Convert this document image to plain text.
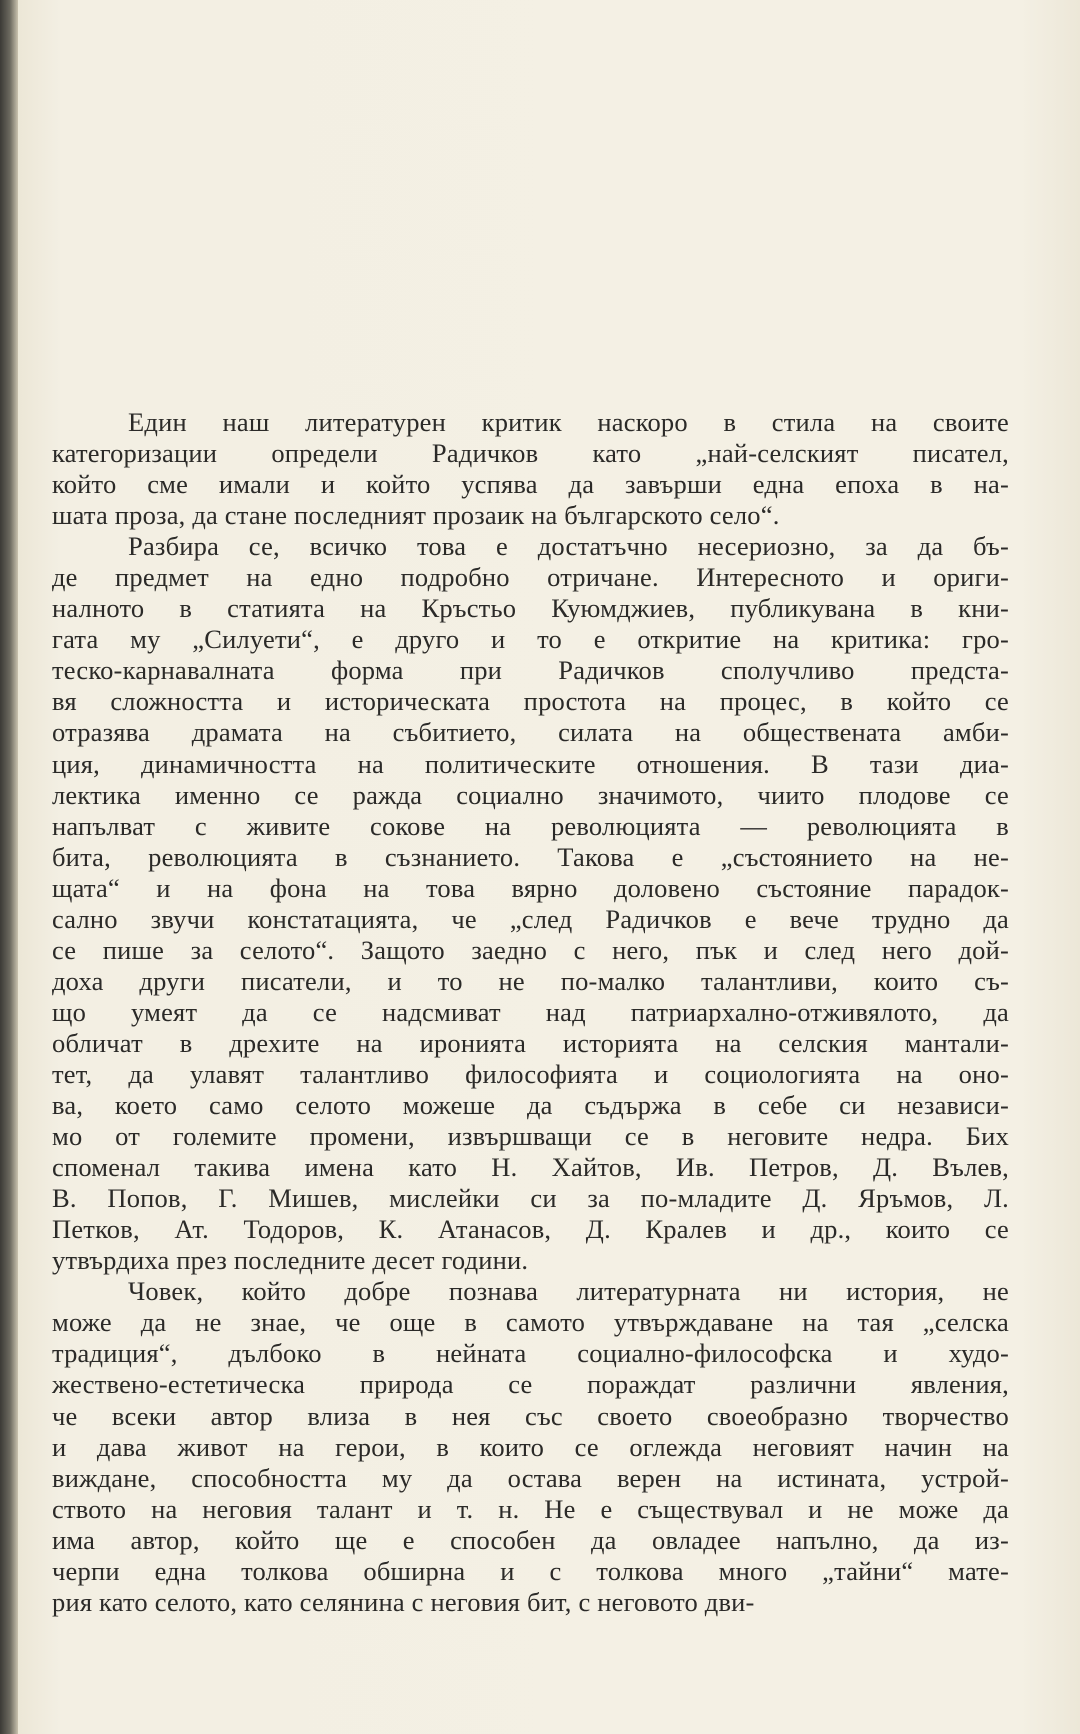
Един наш литературен критик наскоро в стила на своите
категоризации определи Радичков като „най-селският писател,
който сме имали и който успява да завърши една епоха в на-
шата проза, да стане последният прозаик на българското село“.
Разбира се, всичко това е достатъчно несериозно, за да бъ-
де предмет на едно подробно отричане. Интересното и ориги-
налното в статията на Кръстьо Куюмджиев, публикувана в кни-
гата му „Силуети“, е друго и то е откритие на критика: гро-
теско-карнавалната форма при Радичков сполучливо предста-
вя сложността и историческата простота на процес, в който се
отразява драмата на събитието, силата на обществената амби-
ция, динамичността на политическите отношения. В тази диа-
лектика именно се ражда социално значимото, чиито плодове се
напълват с живите сокове на революцията — революцията в
бита, революцията в съзнанието. Такова е „състоянието на не-
щата“ и на фона на това вярно доловено състояние парадок-
сално звучи констатацията, че „след Радичков е вече трудно да
се пише за селото“. Защото заедно с него, пък и след него дой-
доха други писатели, и то не по-малко талантливи, които съ-
що умеят да се надсмиват над патриархално-отживялото, да
обличат в дрехите на иронията историята на селския мантали-
тет, да улавят талантливо философията и социологията на оно-
ва, което само селото можеше да съдържа в себе си независи-
мо от големите промени, извършващи се в неговите недра. Бих
споменал такива имена като Н. Хайтов, Ив. Петров, Д. Вълев,
В. Попов, Г. Мишев, мислейки си за по-младите Д. Яръмов, Л.
Петков, Ат. Тодоров, К. Атанасов, Д. Кралев и др., които се
утвърдиха през последните десет години.
Човек, който добре познава литературната ни история, не
може да не знае, че още в самото утвърждаване на тая „селска
традиция“, дълбоко в нейната социално-философска и худо-
жествено-естетическа природа се пораждат различни явления,
че всеки автор влиза в нея със своето своеобразно творчество
и дава живот на герои, в които се оглежда неговият начин на
виждане, способността му да остава верен на истината, устрой-
ството на неговия талант и т. н. Не е съществувал и не може да
има автор, който ще е способен да овладее напълно, да из-
черпи една толкова обширна и с толкова много „тайни“ мате-
рия като селото, като селянина с неговия бит, с неговото дви-
